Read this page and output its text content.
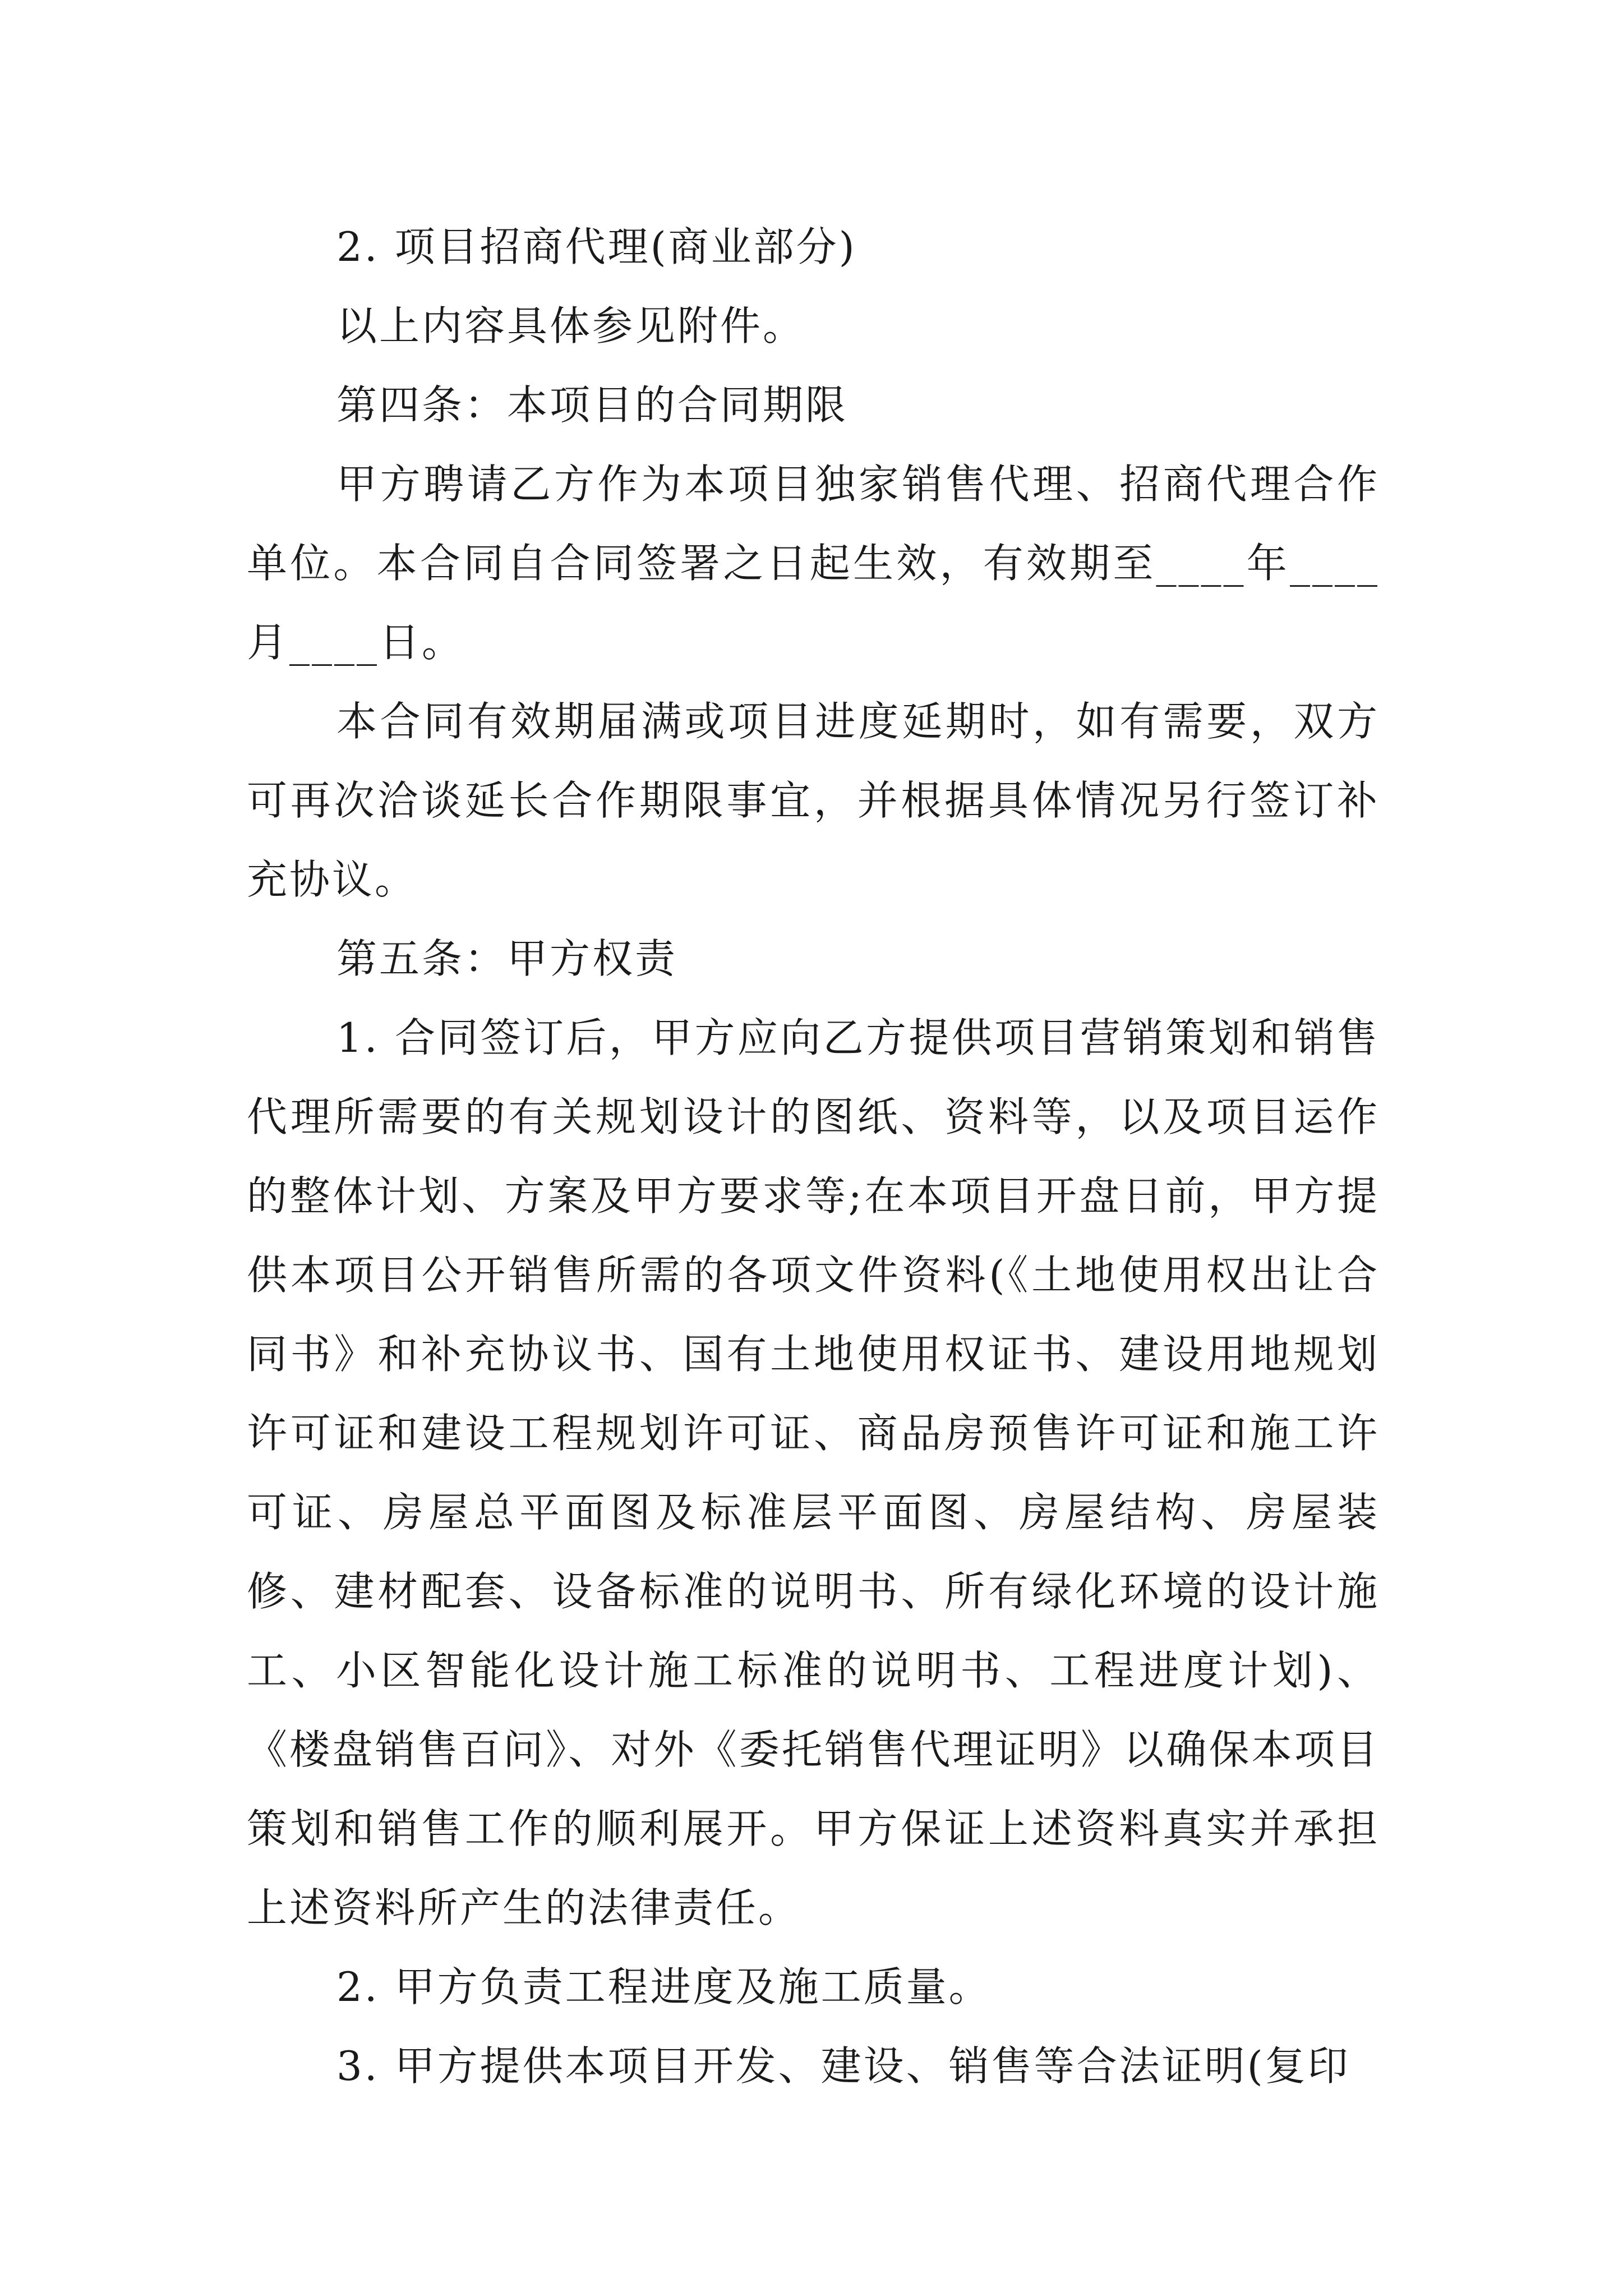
2. 项目招商代理(商业部分)

以上内容具体参见附件。

第四条：本项目的合同期限

甲方聘请乙方作为本项目独家销售代理、招商代理合作单位。本合同自合同签署之日起生效，有效期至____年____月____日。

本合同有效期届满或项目进度延期时，如有需要，双方可再次洽谈延长合作期限事宜，并根据具体情况另行签订补充协议。

第五条：甲方权责

1. 合同签订后，甲方应向乙方提供项目营销策划和销售代理所需要的有关规划设计的图纸、资料等，以及项目运作的整体计划、方案及甲方要求等;在本项目开盘日前，甲方提供本项目公开销售所需的各项文件资料(《土地使用权出让合同书》和补充协议书、国有土地使用权证书、建设用地规划许可证和建设工程规划许可证、商品房预售许可证和施工许可证、房屋总平面图及标准层平面图、房屋结构、房屋装修、建材配套、设备标准的说明书、所有绿化环境的设计施工、小区智能化设计施工标准的说明书、工程进度计划)、《楼盘销售百问》、对外《委托销售代理证明》以确保本项目策划和销售工作的顺利展开。甲方保证上述资料真实并承担上述资料所产生的法律责任。

2. 甲方负责工程进度及施工质量。

3. 甲方提供本项目开发、建设、销售等合法证明(复印
